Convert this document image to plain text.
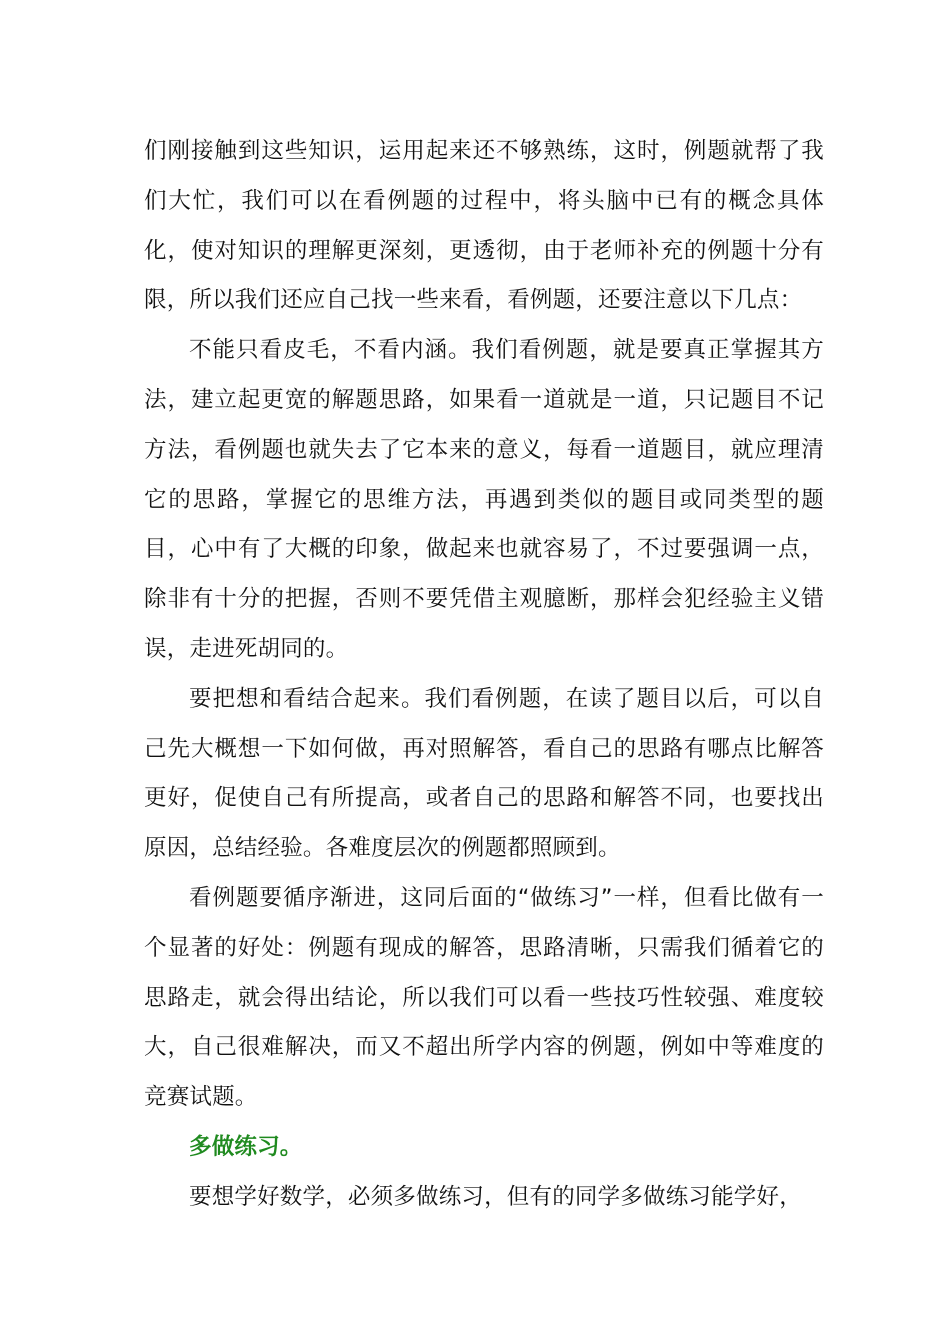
们刚接触到这些知识，运用起来还不够熟练，这时，例题就帮了我们大忙，我们可以在看例题的过程中，将头脑中已有的概念具体化，使对知识的理解更深刻，更透彻，由于老师补充的例题十分有限，所以我们还应自己找一些来看，看例题，还要注意以下几点：

不能只看皮毛，不看内涵。我们看例题，就是要真正掌握其方法，建立起更宽的解题思路，如果看一道就是一道，只记题目不记方法，看例题也就失去了它本来的意义，每看一道题目，就应理清它的思路，掌握它的思维方法，再遇到类似的题目或同类型的题目，心中有了大概的印象，做起来也就容易了，不过要强调一点，除非有十分的把握，否则不要凭借主观臆断，那样会犯经验主义错误，走进死胡同的。

要把想和看结合起来。我们看例题，在读了题目以后，可以自己先大概想一下如何做，再对照解答，看自己的思路有哪点比解答更好，促使自己有所提高，或者自己的思路和解答不同，也要找出原因，总结经验。各难度层次的例题都照顾到。

看例题要循序渐进，这同后面的“做练习”一样，但看比做有一个显著的好处：例题有现成的解答，思路清晰，只需我们循着它的思路走，就会得出结论，所以我们可以看一些技巧性较强、难度较大，自己很难解决，而又不超出所学内容的例题，例如中等难度的竞赛试题。

多做练习。

要想学好数学，必须多做练习，但有的同学多做练习能学好，
